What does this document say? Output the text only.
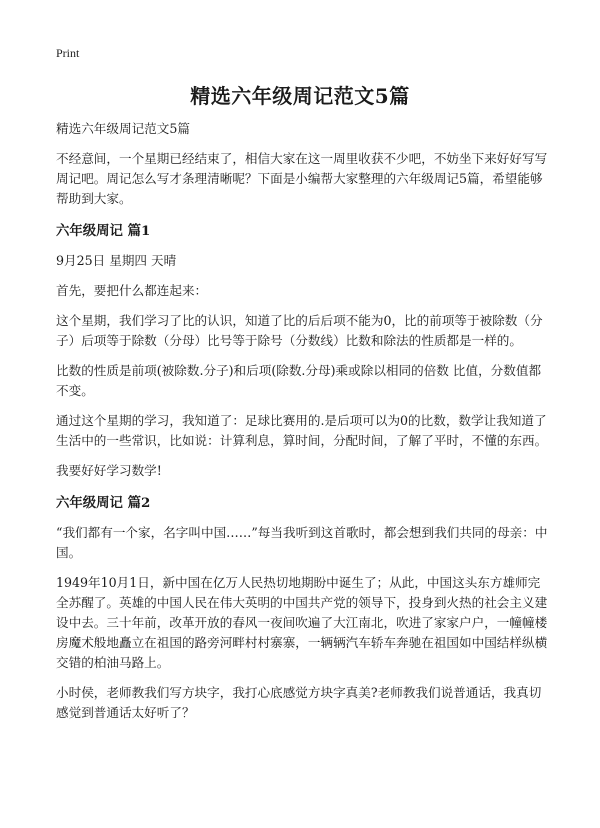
Print
精选六年级周记范文5篇

精选六年级周记范文5篇

不经意间，一个星期已经结束了，相信大家在这一周里收获不少吧，不妨坐下来好好写写周记吧。周记怎么写才条理清晰呢？下面是小编帮大家整理的六年级周记5篇，希望能够帮助到大家。

六年级周记 篇1

9月25日 星期四 天晴

首先，要把什么都连起来：

这个星期，我们学习了比的认识，知道了比的后后项不能为0，比的前项等于被除数（分子）后项等于除数（分母）比号等于除号（分数线）比数和除法的性质都是一样的。

比数的性质是前项(被除数.分子)和后项(除数.分母)乘或除以相同的倍数 比值，分数值都不变。

通过这个星期的学习，我知道了：足球比赛用的.是后项可以为0的比数，数学让我知道了生活中的一些常识，比如说：计算利息，算时间，分配时间，了解了平时，不懂的东西。

我要好好学习数学!

六年级周记 篇2

“我们都有一个家，名字叫中国……”每当我听到这首歌时，都会想到我们共同的母亲：中国。

1949年10月1日，新中国在亿万人民热切地期盼中诞生了；从此，中国这头东方雄师完全苏醒了。英雄的中国人民在伟大英明的中国共产党的领导下，投身到火热的社会主义建设中去。三十年前，改革开放的春风一夜间吹遍了大江南北，吹进了家家户户，一幢幢楼房魔术般地矗立在祖国的路旁河畔村村寨寨，一辆辆汽车轿车奔驰在祖国如中国结样纵横交错的柏油马路上。

小时侯，老师教我们写方块字，我打心底感觉方块字真美?老师教我们说普通话，我真切感觉到普通话太好听了？
